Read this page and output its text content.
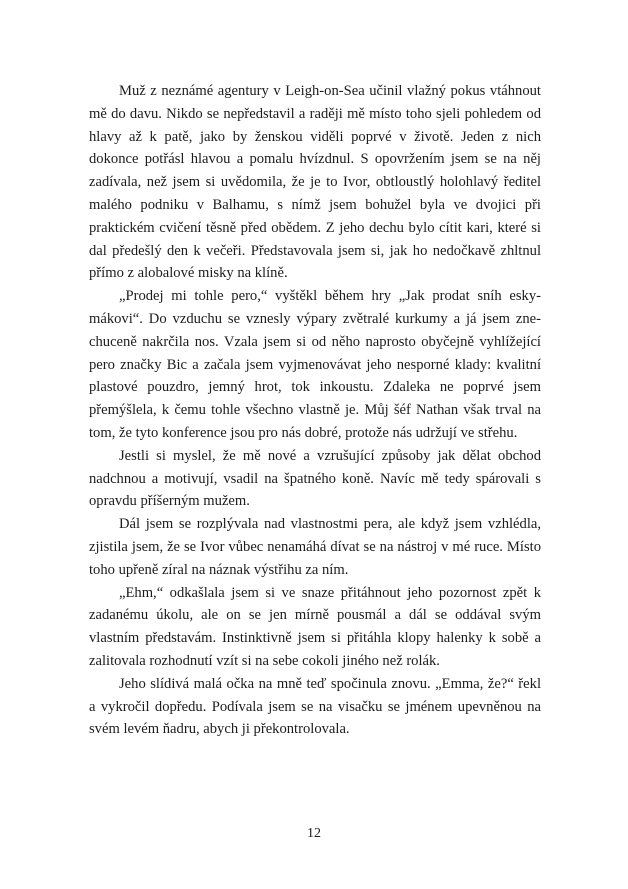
Muž z neznámé agentury v Leigh-on-Sea učinil vlažný pokus vtáhnout mě do davu. Nikdo se nepředstavil a raději mě místo toho sjeli pohledem od hlavy až k patě, jako by ženskou viděli poprvé v životě. Jeden z nich dokonce potřásl hlavou a pomalu hvízdnul. S opovržením jsem se na něj zadívala, než jsem si uvědomila, že je to Ivor, obtloustlý holohlavý ředitel malého podniku v Balhamu, s nímž jsem bohužel byla ve dvojici při praktickém cvičení těsně před obědem. Z jeho dechu bylo cítit kari, které si dal předešlý den k večeři. Představovala jsem si, jak ho nedočkavě zhltnul přímo z alobalové misky na klíně.

„Prodej mi tohle pero,“ vyštěkl během hry „Jak prodat sníh eskymákovi“. Do vzduchu se vznesly výpary zvětralé kurkumy a já jsem znechuceně nakrčila nos. Vzala jsem si od něho naprosto obyčejně vyhlížející pero značky Bic a začala jsem vyjmenovávat jeho nesporné klady: kvalitní plastové pouzdro, jemný hrot, tok inkoustu. Zdaleka ne poprvé jsem přemýšlela, k čemu tohle všechno vlastně je. Můj šéf Nathan však trval na tom, že tyto konference jsou pro nás dobré, protože nás udržují ve střehu.

Jestli si myslel, že mě nové a vzrušující způsoby jak dělat obchod nadchnou a motivují, vsadil na špatného koně. Navíc mě tedy spárovali s opravdu příšerným mužem.

Dál jsem se rozplývala nad vlastnostmi pera, ale když jsem vzhlédla, zjistila jsem, že se Ivor vůbec nenamáhá dívat se na nástroj v mé ruce. Místo toho upřeně zíral na náznak výstřihu za ním.

„Ehm,“ odkašlala jsem si ve snaze přitáhnout jeho pozornost zpět k zadanému úkolu, ale on se jen mírně pousmál a dál se oddával svým vlastním představám. Instinktivně jsem si přitáhla klopy halenky k sobě a zalitovala rozhodnutí vzít si na sebe cokoli jiného než rolák.

Jeho slídivá malá očka na mně teď spočinula znovu. „Emma, že?“ řekl a vykročil dopředu. Podívala jsem se na visačku se jménem upevněnou na svém levém ňadru, abych ji překontrolovala.

12
